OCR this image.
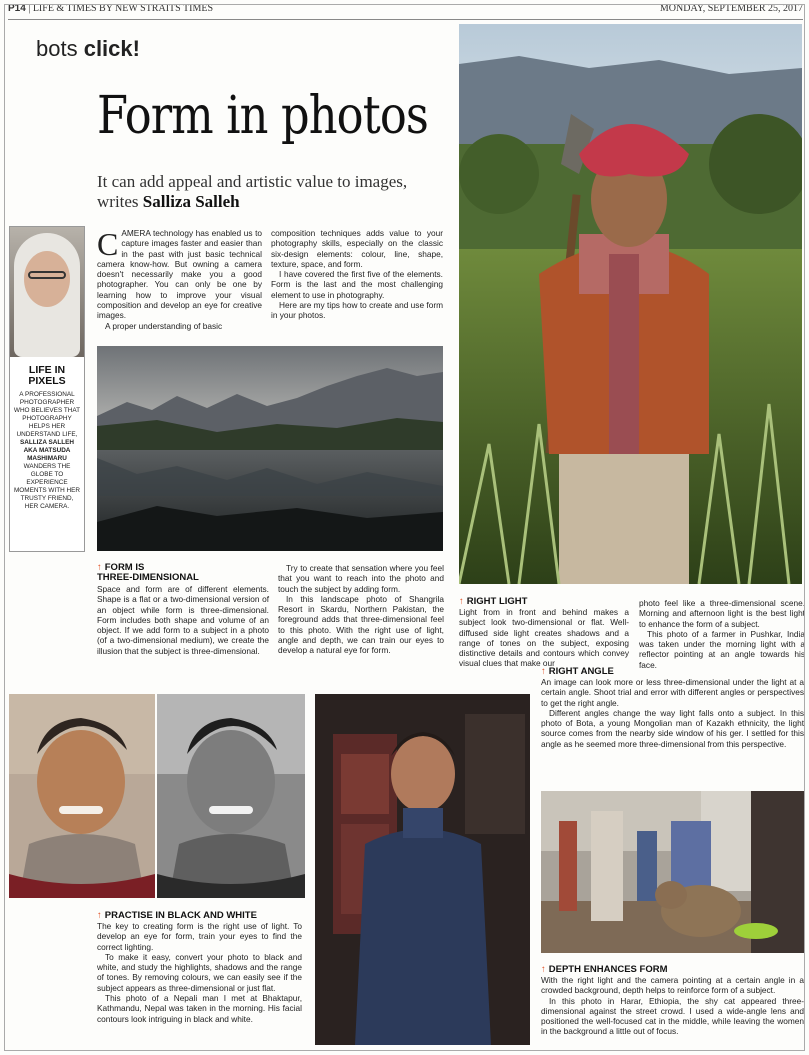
P14 | LIFE & TIMES BY NEW STRAITS TIMES	MONDAY, SEPTEMBER 25, 2017
bots click!
Form in photos
It can add appeal and artistic value to images, writes Salliza Salleh
LIFE IN PIXELS
A PROFESSIONAL PHOTOGRAPHER WHO BELIEVES THAT PHOTOGRAPHY HELPS HER UNDERSTAND LIFE, SALLIZA SALLEH AKA MATSUDA MASHIMARU WANDERS THE GLOBE TO EXPERIENCE MOMENTS WITH HER TRUSTY FRIEND, HER CAMERA.

CAMERA technology has enabled us to capture images faster and easier than in the past with just basic technical camera know-how. But owning a camera doesn't necessarily make you a good photographer. You can only be one by learning how to improve your visual composition and develop an eye for creative images.

A proper understanding of basic

composition techniques adds value to your photography skills, especially on the classic six-design elements: colour, line, shape, texture, space, and form.

I have covered the first five of the elements. Form is the last and the most challenging element to use in photography.

Here are my tips how to create and use form in your photos.

↑ FORM IS
THREE-DIMENSIONAL

Space and form are of different elements. Shape is a flat or a two-dimensional version of an object while form is three-dimensional. Form includes both shape and volume of an object. If we add form to a subject in a photo (of a two-dimensional medium), we create the illusion that the subject is three-dimensional.

Try to create that sensation where you feel that you want to reach into the photo and touch the subject by adding form.

In this landscape photo of Shangrila Resort in Skardu, Northern Pakistan, the foreground adds that three-dimensional feel to this photo. With the right use of light, angle and depth, we can train our eyes to develop a natural eye for form.

↑ RIGHT LIGHT

Light from in front and behind makes a subject look two-dimensional or flat. Well-diffused side light creates shadows and a range of tones on the subject, exposing distinctive details and contours which convey visual clues that make our

photo feel like a three-dimensional scene. Morning and afternoon light is the best light to enhance the form of a subject.

This photo of a farmer in Pushkar, India was taken under the morning light with a reflector pointing at an angle towards his face.

↑ RIGHT ANGLE

An image can look more or less three-dimensional under the light at a certain angle. Shoot trial and error with different angles or perspectives to get the right angle.

Different angles change the way light falls onto a subject. In this photo of Bota, a young Mongolian man of Kazakh ethnicity, the light source comes from the nearby side window of his ger. I settled for this angle as he seemed more three-dimensional from this perspective.

↑ PRACTISE IN BLACK AND WHITE

The key to creating form is the right use of light. To develop an eye for form, train your eyes to find the correct lighting.

To make it easy, convert your photo to black and white, and study the highlights, shadows and the range of tones. By removing colours, we can easily see if the subject appears as three-dimensional or just flat.

This photo of a Nepali man I met at Bhaktapur, Kathmandu, Nepal was taken in the morning. His facial contours look intriguing in black and white.

↑ DEPTH ENHANCES FORM

With the right light and the camera pointing at a certain angle in a crowded background, depth helps to reinforce form of a subject.

In this photo in Harar, Ethiopia, the shy cat appeared three-dimensional against the street crowd. I used a wide-angle lens and positioned the well-focused cat in the middle, while leaving the women in the background a little out of focus.
